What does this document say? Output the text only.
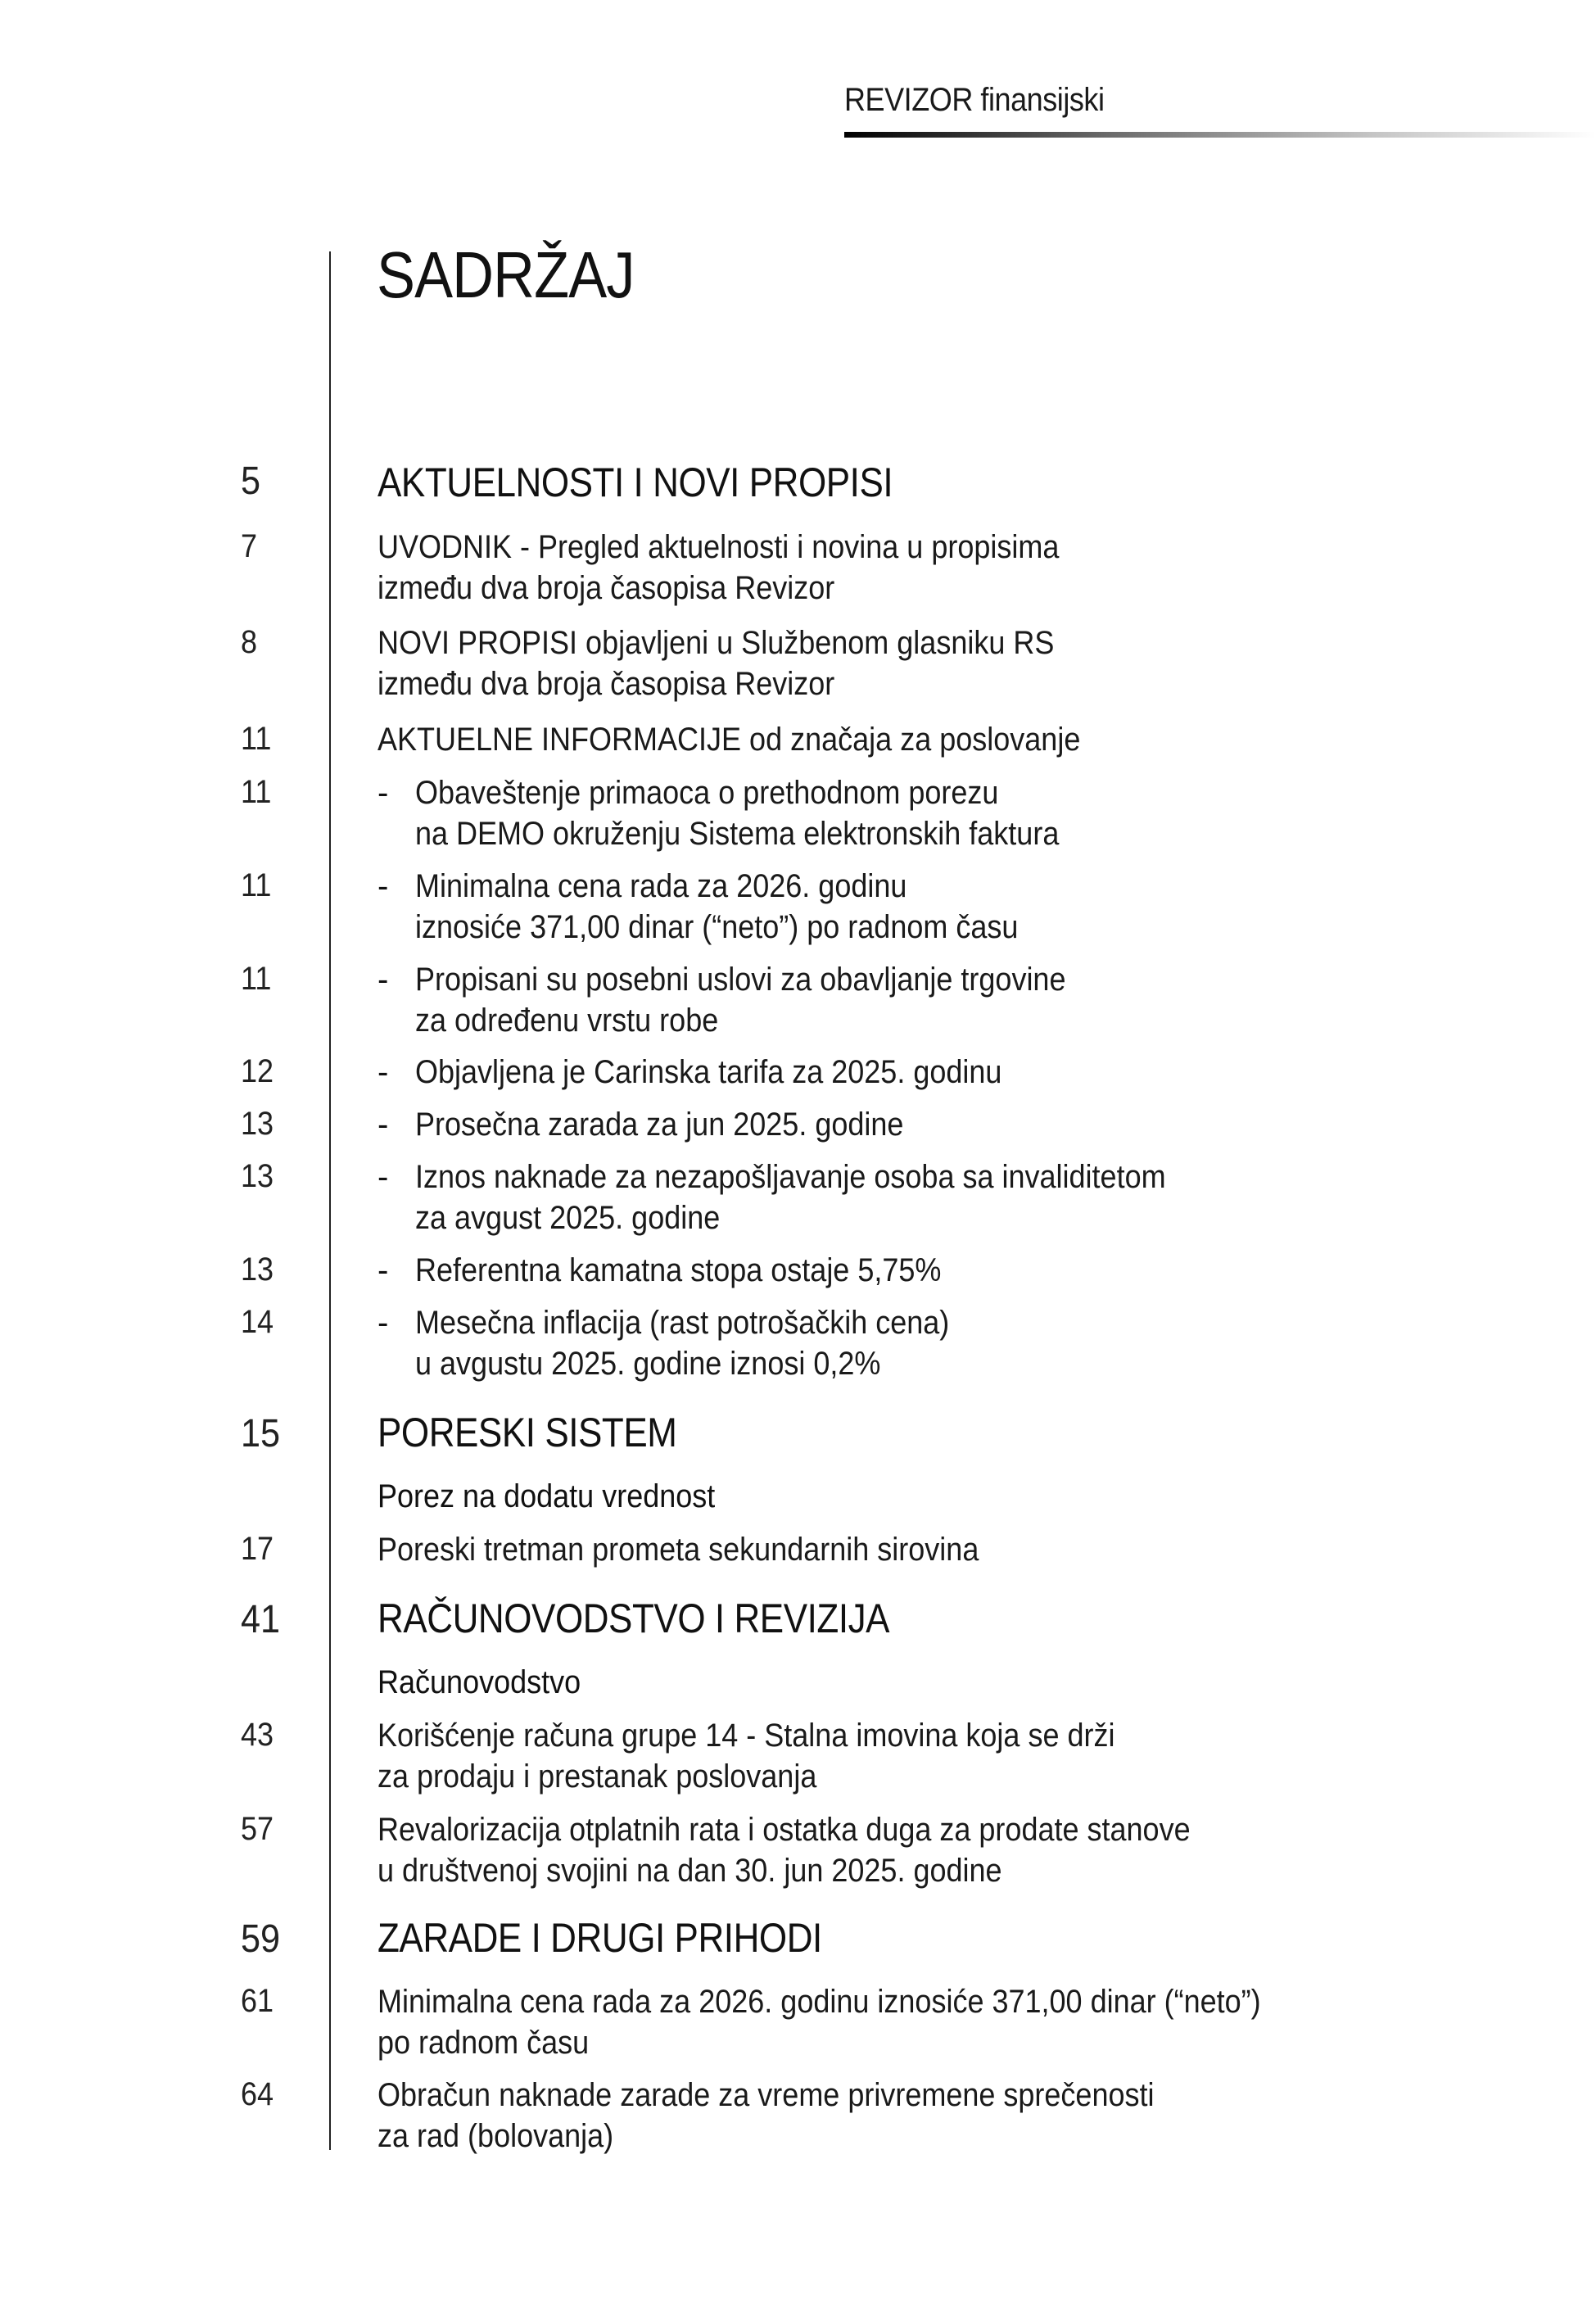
REVIZOR finansijski
SADRŽAJ
5	AKTUELNOSTI I NOVI PROPISI
7	UVODNIK - Pregled aktuelnosti i novina u propisima
između dva broja časopisa Revizor
8	NOVI PROPISI objavljeni u Službenom glasniku RS
između dva broja časopisa Revizor
11	AKTUELNE INFORMACIJE od značaja za poslovanje
11	- Obaveštenje primaoca o prethodnom porezu
na DEMO okruženju Sistema elektronskih faktura
11	- Minimalna cena rada za 2026. godinu
iznosiće 371,00 dinar (“neto”) po radnom času
11	- Propisani su posebni uslovi za obavljanje trgovine
za određenu vrstu robe
12	- Objavljena je Carinska tarifa za 2025. godinu
13	- Prosečna zarada za jun 2025. godine
13	- Iznos naknade za nezapošljavanje osoba sa invaliditetom
za avgust 2025. godine
13	- Referentna kamatna stopa ostaje 5,75%
14	- Mesečna inflacija (rast potrošačkih cena)
u avgustu 2025. godine iznosi 0,2%
15 PORESKI SISTEM
Porez na dodatu vrednost
17	Poreski tretman prometa sekundarnih sirovina
41 RAČUNOVODSTVO I REVIZIJA
Računovodstvo
43	Korišćenje računa grupe 14 - Stalna imovina koja se drži
za prodaju i prestanak poslovanja
57	Revalorizacija otplatnih rata i ostatka duga za prodate stanove
u društvenoj svojini na dan 30. jun 2025. godine
59 ZARADE I DRUGI PRIHODI
61	Minimalna cena rada za 2026. godinu iznosiće 371,00 dinar (“neto”)
po radnom času
64	Obračun naknade zarade za vreme privremene sprečenosti
za rad (bolovanja)
